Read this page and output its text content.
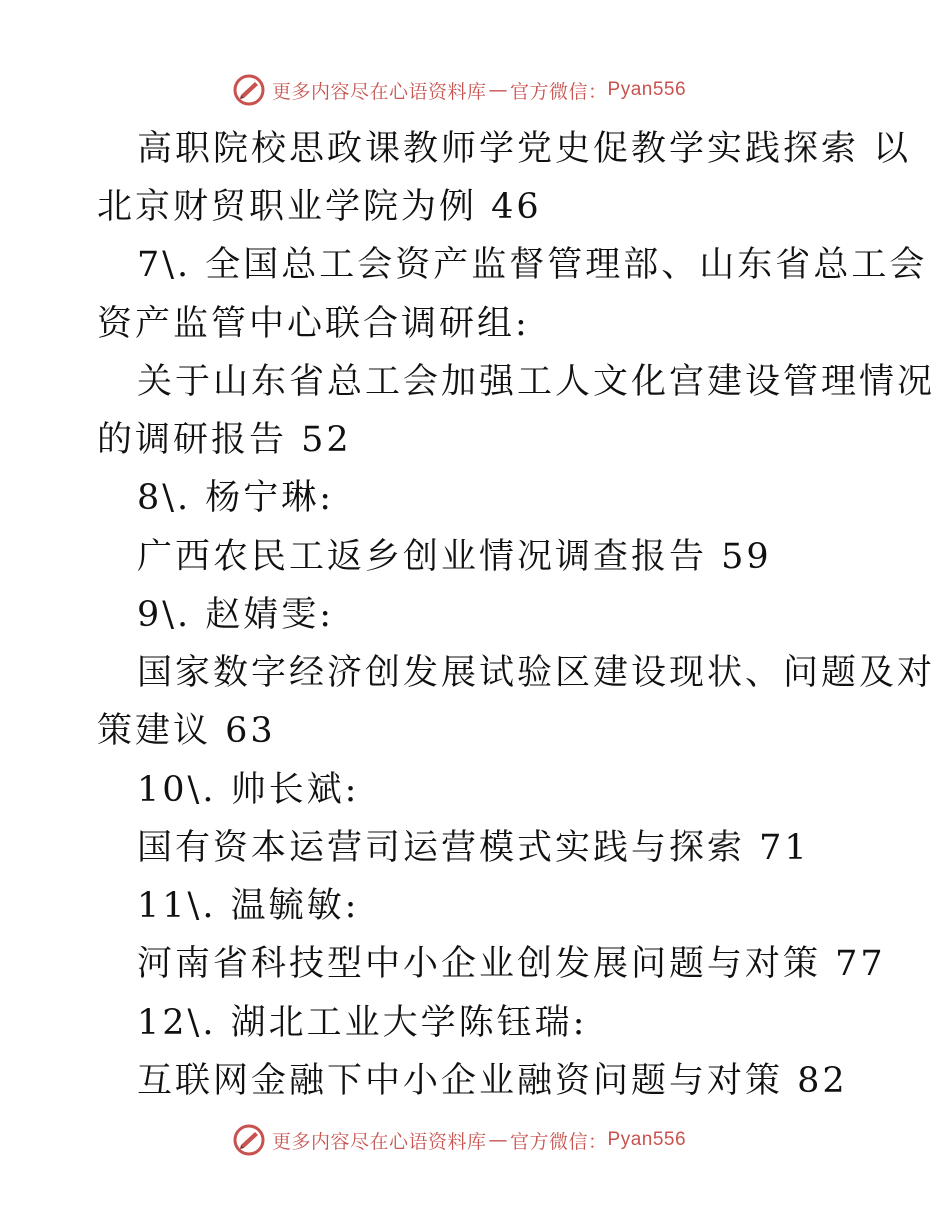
更多内容尽在心语资料库 — 官方微信： Pyan556
高职院校思政课教师学党史促教学实践探索 以
北京财贸职业学院为例 46
7\. 全国总工会资产监督管理部、山东省总工会
资产监管中心联合调研组:
关于山东省总工会加强工人文化宫建设管理情况
的调研报告 52
8\. 杨宁琳:
广西农民工返乡创业情况调查报告 59
9\. 赵婧雯:
国家数字经济创发展试验区建设现状、问题及对
策建议 63
10\. 帅长斌:
国有资本运营司运营模式实践与探索 71
11\. 温毓敏:
河南省科技型中小企业创发展问题与对策 77
12\. 湖北工业大学陈钰瑞:
互联网金融下中小企业融资问题与对策 82
更多内容尽在心语资料库 — 官方微信： Pyan556
